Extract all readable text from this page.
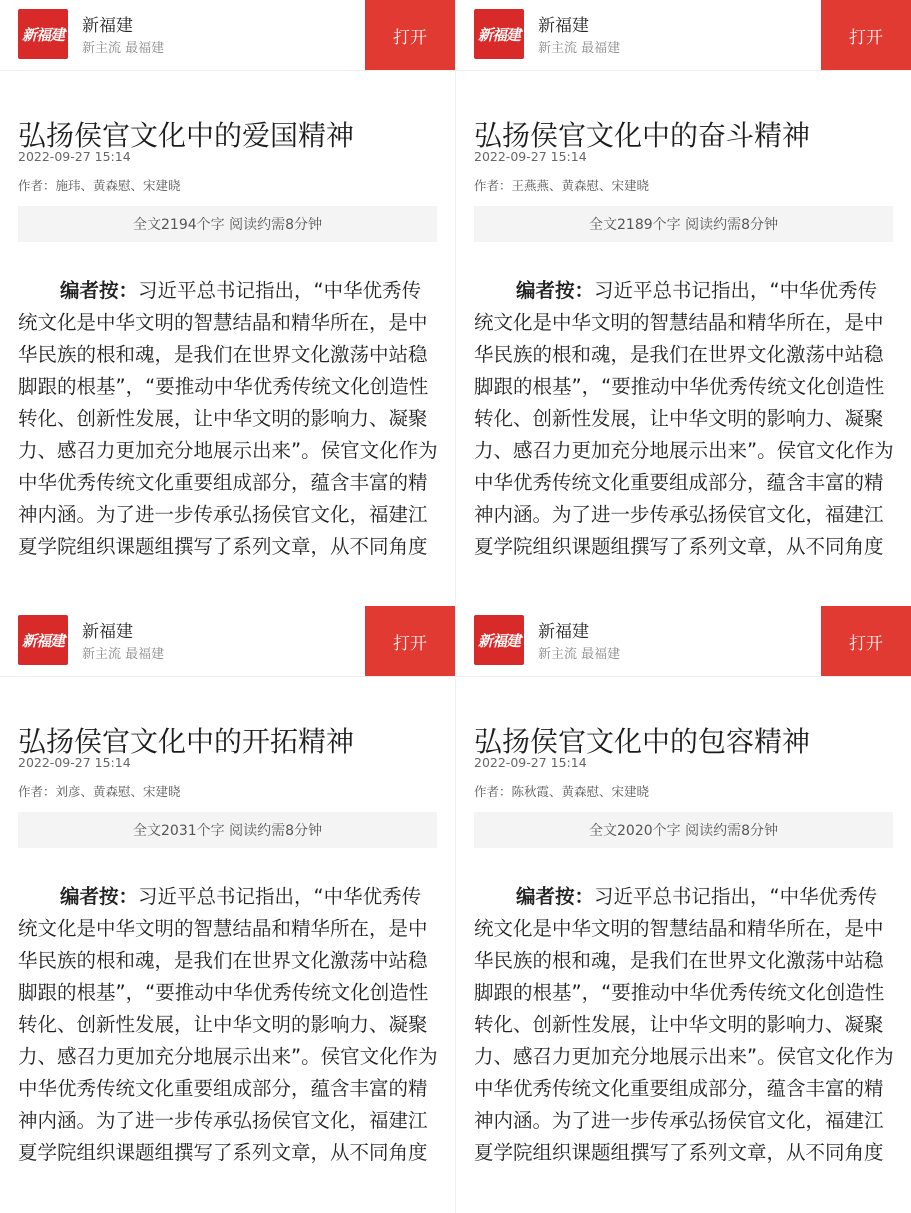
新福建 新福建
新主流 最福建
打开
弘扬侯官文化中的爱国精神
2022-09-27 15:14
作者：施玮、黄森慰、宋建晓
全文2194个字 阅读约需8分钟

编者按：习近平总书记指出，“中华优秀传统文化是中华文明的智慧结晶和精华所在，是中华民族的根和魂，是我们在世界文化激荡中站稳脚跟的根基”，“要推动中华优秀传统文化创造性转化、创新性发展，让中华文明的影响力、凝聚力、感召力更加充分地展示出来”。侯官文化作为中华优秀传统文化重要组成部分，蕴含丰富的精神内涵。为了进一步传承弘扬侯官文化，福建江夏学院组织课题组撰写了系列文章，从不同角度

新福建 新福建
新主流 最福建
打开
弘扬侯官文化中的奋斗精神
2022-09-27 15:14
作者：王燕燕、黄森慰、宋建晓
全文2189个字 阅读约需8分钟

编者按：习近平总书记指出，“中华优秀传统文化是中华文明的智慧结晶和精华所在，是中华民族的根和魂，是我们在世界文化激荡中站稳脚跟的根基”，“要推动中华优秀传统文化创造性转化、创新性发展，让中华文明的影响力、凝聚力、感召力更加充分地展示出来”。侯官文化作为中华优秀传统文化重要组成部分，蕴含丰富的精神内涵。为了进一步传承弘扬侯官文化，福建江夏学院组织课题组撰写了系列文章，从不同角度

新福建 新福建
新主流 最福建
打开
弘扬侯官文化中的开拓精神
2022-09-27 15:14
作者：刘彦、黄森慰、宋建晓
全文2031个字 阅读约需8分钟

编者按：习近平总书记指出，“中华优秀传统文化是中华文明的智慧结晶和精华所在，是中华民族的根和魂，是我们在世界文化激荡中站稳脚跟的根基”，“要推动中华优秀传统文化创造性转化、创新性发展，让中华文明的影响力、凝聚力、感召力更加充分地展示出来”。侯官文化作为中华优秀传统文化重要组成部分，蕴含丰富的精神内涵。为了进一步传承弘扬侯官文化，福建江夏学院组织课题组撰写了系列文章，从不同角度

新福建 新福建
新主流 最福建
打开
弘扬侯官文化中的包容精神
2022-09-27 15:14
作者：陈秋霞、黄森慰、宋建晓
全文2020个字 阅读约需8分钟

编者按：习近平总书记指出，“中华优秀传统文化是中华文明的智慧结晶和精华所在，是中华民族的根和魂，是我们在世界文化激荡中站稳脚跟的根基”，“要推动中华优秀传统文化创造性转化、创新性发展，让中华文明的影响力、凝聚力、感召力更加充分地展示出来”。侯官文化作为中华优秀传统文化重要组成部分，蕴含丰富的精神内涵。为了进一步传承弘扬侯官文化，福建江夏学院组织课题组撰写了系列文章，从不同角度
